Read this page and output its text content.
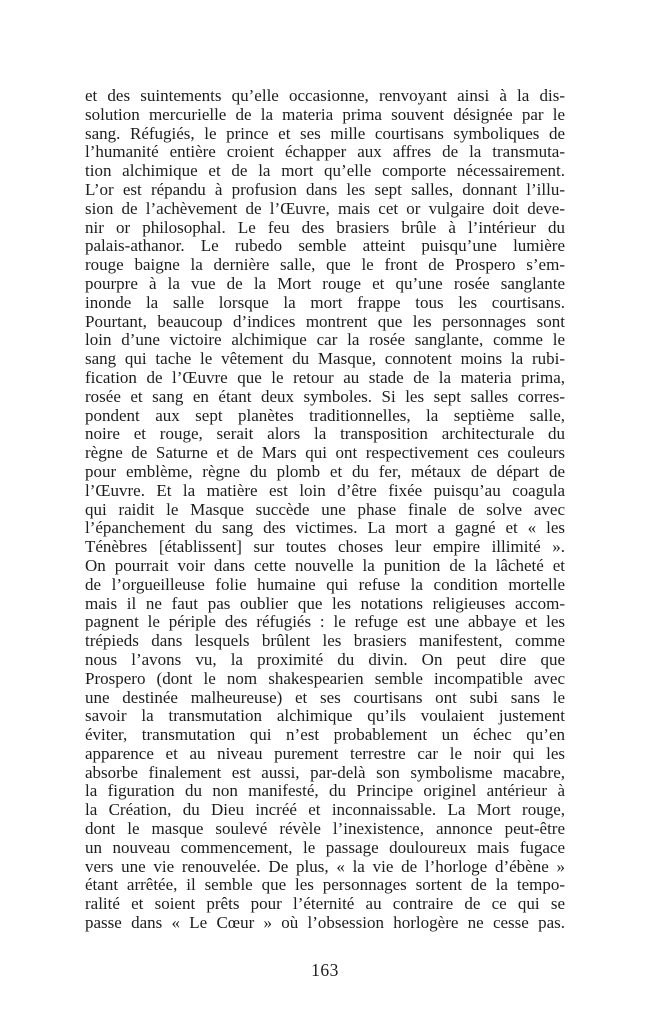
et des suintements qu’elle occasionne, renvoyant ainsi à la dis-
solution mercurielle de la materia prima souvent désignée par le
sang. Réfugiés, le prince et ses mille courtisans symboliques de
l’humanité entière croient échapper aux affres de la transmuta-
tion alchimique et de la mort qu’elle comporte nécessairement.
L’or est répandu à profusion dans les sept salles, donnant l’illu-
sion de l’achèvement de l’Œuvre, mais cet or vulgaire doit deve-
nir or philosophal. Le feu des brasiers brûle à l’intérieur du
palais-athanor. Le rubedo semble atteint puisqu’une lumière
rouge baigne la dernière salle, que le front de Prospero s’em-
pourpre à la vue de la Mort rouge et qu’une rosée sanglante
inonde la salle lorsque la mort frappe tous les courtisans.
Pourtant, beaucoup d’indices montrent que les personnages sont
loin d’une victoire alchimique car la rosée sanglante, comme le
sang qui tache le vêtement du Masque, connotent moins la rubi-
fication de l’Œuvre que le retour au stade de la materia prima,
rosée et sang en étant deux symboles. Si les sept salles corres-
pondent aux sept planètes traditionnelles, la septième salle,
noire et rouge, serait alors la transposition architecturale du
règne de Saturne et de Mars qui ont respectivement ces couleurs
pour emblème, règne du plomb et du fer, métaux de départ de
l’Œuvre. Et la matière est loin d’être fixée puisqu’au coagula
qui raidit le Masque succède une phase finale de solve avec
l’épanchement du sang des victimes. La mort a gagné et « les
Ténèbres [établissent] sur toutes choses leur empire illimité ».
On pourrait voir dans cette nouvelle la punition de la lâcheté et
de l’orgueilleuse folie humaine qui refuse la condition mortelle
mais il ne faut pas oublier que les notations religieuses accom-
pagnent le périple des réfugiés : le refuge est une abbaye et les
trépieds dans lesquels brûlent les brasiers manifestent, comme
nous l’avons vu, la proximité du divin. On peut dire que
Prospero (dont le nom shakespearien semble incompatible avec
une destinée malheureuse) et ses courtisans ont subi sans le
savoir la transmutation alchimique qu’ils voulaient justement
éviter, transmutation qui n’est probablement un échec qu’en
apparence et au niveau purement terrestre car le noir qui les
absorbe finalement est aussi, par-delà son symbolisme macabre,
la figuration du non manifesté, du Principe originel antérieur à
la Création, du Dieu incréé et inconnaissable. La Mort rouge,
dont le masque soulevé révèle l’inexistence, annonce peut-être
un nouveau commencement, le passage douloureux mais fugace
vers une vie renouvelée. De plus, « la vie de l’horloge d’ébène »
étant arrêtée, il semble que les personnages sortent de la tempo-
ralité et soient prêts pour l’éternité au contraire de ce qui se
passe dans « Le Cœur » où l’obsession horlogère ne cesse pas.
163
